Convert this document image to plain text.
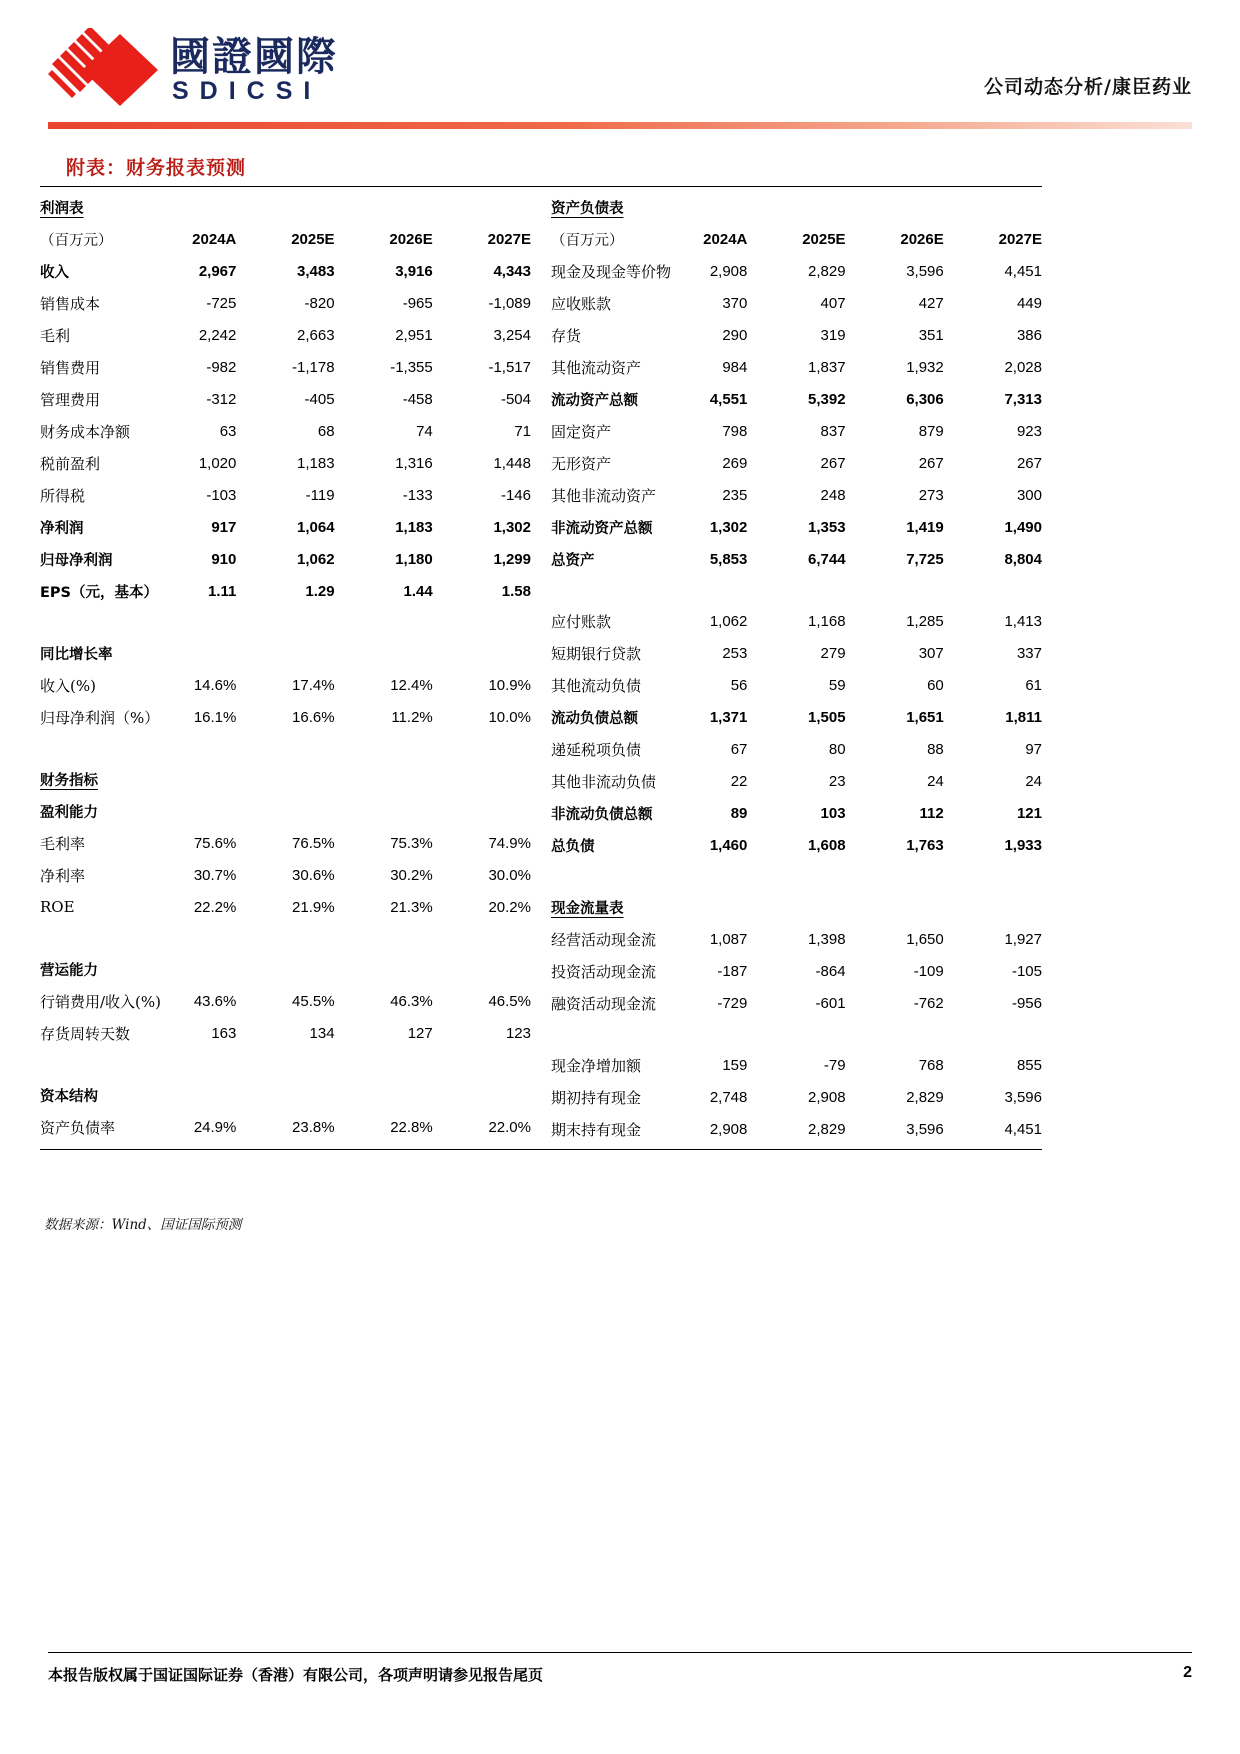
國證國際
SDICSI	公司动态分析/康臣药业
附表：财务报表预测
利润表				
（百万元）	2024A	2025E	2026E	2027E
收入	2,967	3,483	3,916	4,343
销售成本	-725	-820	-965	-1,089
毛利	2,242	2,663	2,951	3,254
销售费用	-982	-1,178	-1,355	-1,517
管理费用	-312	-405	-458	-504
财务成本净额	63	68	74	71
税前盈利	1,020	1,183	1,316	1,448
所得税	-103	-119	-133	-146
净利润	917	1,064	1,183	1,302
归母净利润	910	1,062	1,180	1,299
EPS（元，基本）	1.11	1.29	1.44	1.58

同比增长率				
收入(%)	14.6%	17.4%	12.4%	10.9%
归母净利润（%）	16.1%	16.6%	11.2%	10.0%

财务指标				
盈利能力				
毛利率	75.6%	76.5%	75.3%	74.9%
净利率	30.7%	30.6%	30.2%	30.0%
ROE	22.2%	21.9%	21.3%	20.2%

营运能力				
行销费用/收入(%)	43.6%	45.5%	46.3%	46.5%
存货周转天数	163	134	127	123

资本结构				
资产负债率	24.9%	23.8%	22.8%	22.0%
资产负债表				
（百万元）	2024A	2025E	2026E	2027E
现金及现金等价物	2,908	2,829	3,596	4,451
应收账款	370	407	427	449
存货	290	319	351	386
其他流动资产	984	1,837	1,932	2,028
流动资产总额	4,551	5,392	6,306	7,313
固定资产	798	837	879	923
无形资产	269	267	267	267
其他非流动资产	235	248	273	300
非流动资产总额	1,302	1,353	1,419	1,490
总资产	5,853	6,744	7,725	8,804

应付账款	1,062	1,168	1,285	1,413
短期银行贷款	253	279	307	337
其他流动负债	56	59	60	61
流动负债总额	1,371	1,505	1,651	1,811
递延税项负债	67	80	88	97
其他非流动负债	22	23	24	24
非流动负债总额	89	103	112	121
总负债	1,460	1,608	1,763	1,933

现金流量表				
经营活动现金流	1,087	1,398	1,650	1,927
投资活动现金流	-187	-864	-109	-105
融资活动现金流	-729	-601	-762	-956

现金净增加额	159	-79	768	855
期初持有现金	2,748	2,908	2,829	3,596
期末持有现金	2,908	2,829	3,596	4,451
数据来源：Wind、国证国际预测
本报告版权属于国证国际证券（香港）有限公司，各项声明请参见报告尾页	2
